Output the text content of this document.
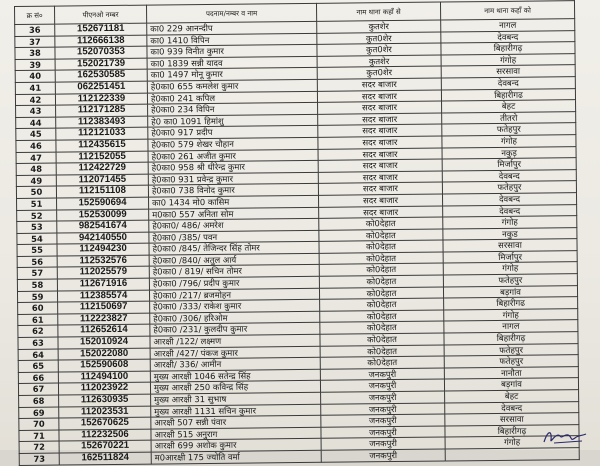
क्र सं०	पीएनओ नम्बर	पदनाम/नम्बर व नाम	नाम थाना कहाँ से	नाम थाना कहाँ को
36	152671181	का0 229 आनन्दीप	कुतशेर	नागल
37	112666138	का0 1410 विपिन	कुत0शेर	देवबन्द
38	152070353	का0 939 विनीत कुमार	कुत0शेर	बिहारीगढ़
39	152021739	का0 1839 सन्नी यादव	कुतशेर	गंगोह
40	162530585	का0 1497 मोनू कुमार	कुत0शेर	सरसावा
41	062251451	हे0का0 655 कमलेश कुमार	सदर बाजार	देवबन्द
42	112122339	हे0का0 241 कपिल	सदर बाजार	बिहारीगढ
43	112171285	हे0का0 234 विपिन	सदर बाजार	बेहट
44	112383493	हे0 का0 1091 हिमांशु	सदर बाजार	तीतरो
45	112121033	हे0का0 917 प्रदीप	सदर बाजार	फतेहपुर
46	112435615	हे0का0 579 शेखर चौहान	सदर बाजार	गंगोह
47	112152055	हे0का0 261 अजीत कुमार	सदर बाजार	नकुड़
48	112422729	हे0का0 958 श्री धीरेन्द्र कुमार	सदर बाजार	मिर्जापुर
49	112071455	हे0का0 931 प्रवेन्द्र कुमार	सदर बाजार	देवबन्द
50	112151108	हे0का0 738 विनोद कुमार	सदर बाजार	फतेहपुर
51	152590694	का0 1434 मो0 कासिम	सदर बाजार	देवबन्द
52	152530099	म0का0 557 अनिता सोम	सदर बाजार	देवबन्द
53	982541674	हे0का0/ 486/ अमरेश	को0देहात	गंगोह
54	942140550	हे0का0 /385/ पवन	को0देहात	नकुड
55	112494230	हे0का0 /845/ तेजिन्दर सिंह तोमर	को0देहात	सरसावा
56	112532576	हे0का0 /840/ अतुल आर्य	को0देहात	मिर्जापुर
57	112025579	हे0का0 / 819/ सचिन तोमर	को0देहात	गंगोह
58	112671916	हे0का0 /796/ प्रदीप कुमार	को0देहात	फतेहपुर
59	112385574	हे0का0 /217/ ब्रजमोहन	को0देहात	बड़गांव
60	112150697	हे0का0 /333/ राकेश कुमार	को0देहात	बिहारीगढ
61	112223827	हे0का0 /306/ हरिओम	को0देहात	गंगोह
62	112652614	हे0का0 /231/ कुलदीप कुमार	को0देहात	नागल
63	152010924	आरक्षी /122/ लक्ष्मण	को0देहात	बिहारीगढ़
64	152022080	आरक्षी /427/ पंकज कुमार	को0देहात	फतेहपुर
65	152590608	आरक्षी/ 336/ आमीन	को0देहात	फतेहपुर
66	112494100	मुख्य आरक्षी 1046 सतेन्द्र सिंह	जनकपुरी	नानौता
67	112023922	मुख्य आरक्षी 250 कविन्द्र सिंह	जनकपुरी	बड़गांव
68	112630935	मुख्य आरक्षी 31 सुभाष	जनकपुरी	बेहट
69	112023531	मुख्य आरक्षी 1131 सचिन कुमार	जनकपुरी	देवबन्द
70	152670625	आरक्षी 507 सन्नी पंवार	जनकपुरी	सरसावा
71	112232506	आरक्षी 515 अनुराग	जनकपुरी	बिहारीगढ़
72	152670221	आरक्षी 699 अशोक कुमार	जनकपुरी	गंगोह
73	162511824	म0आरक्षी 175 ज्योति वर्मा	जनकपुरी	
